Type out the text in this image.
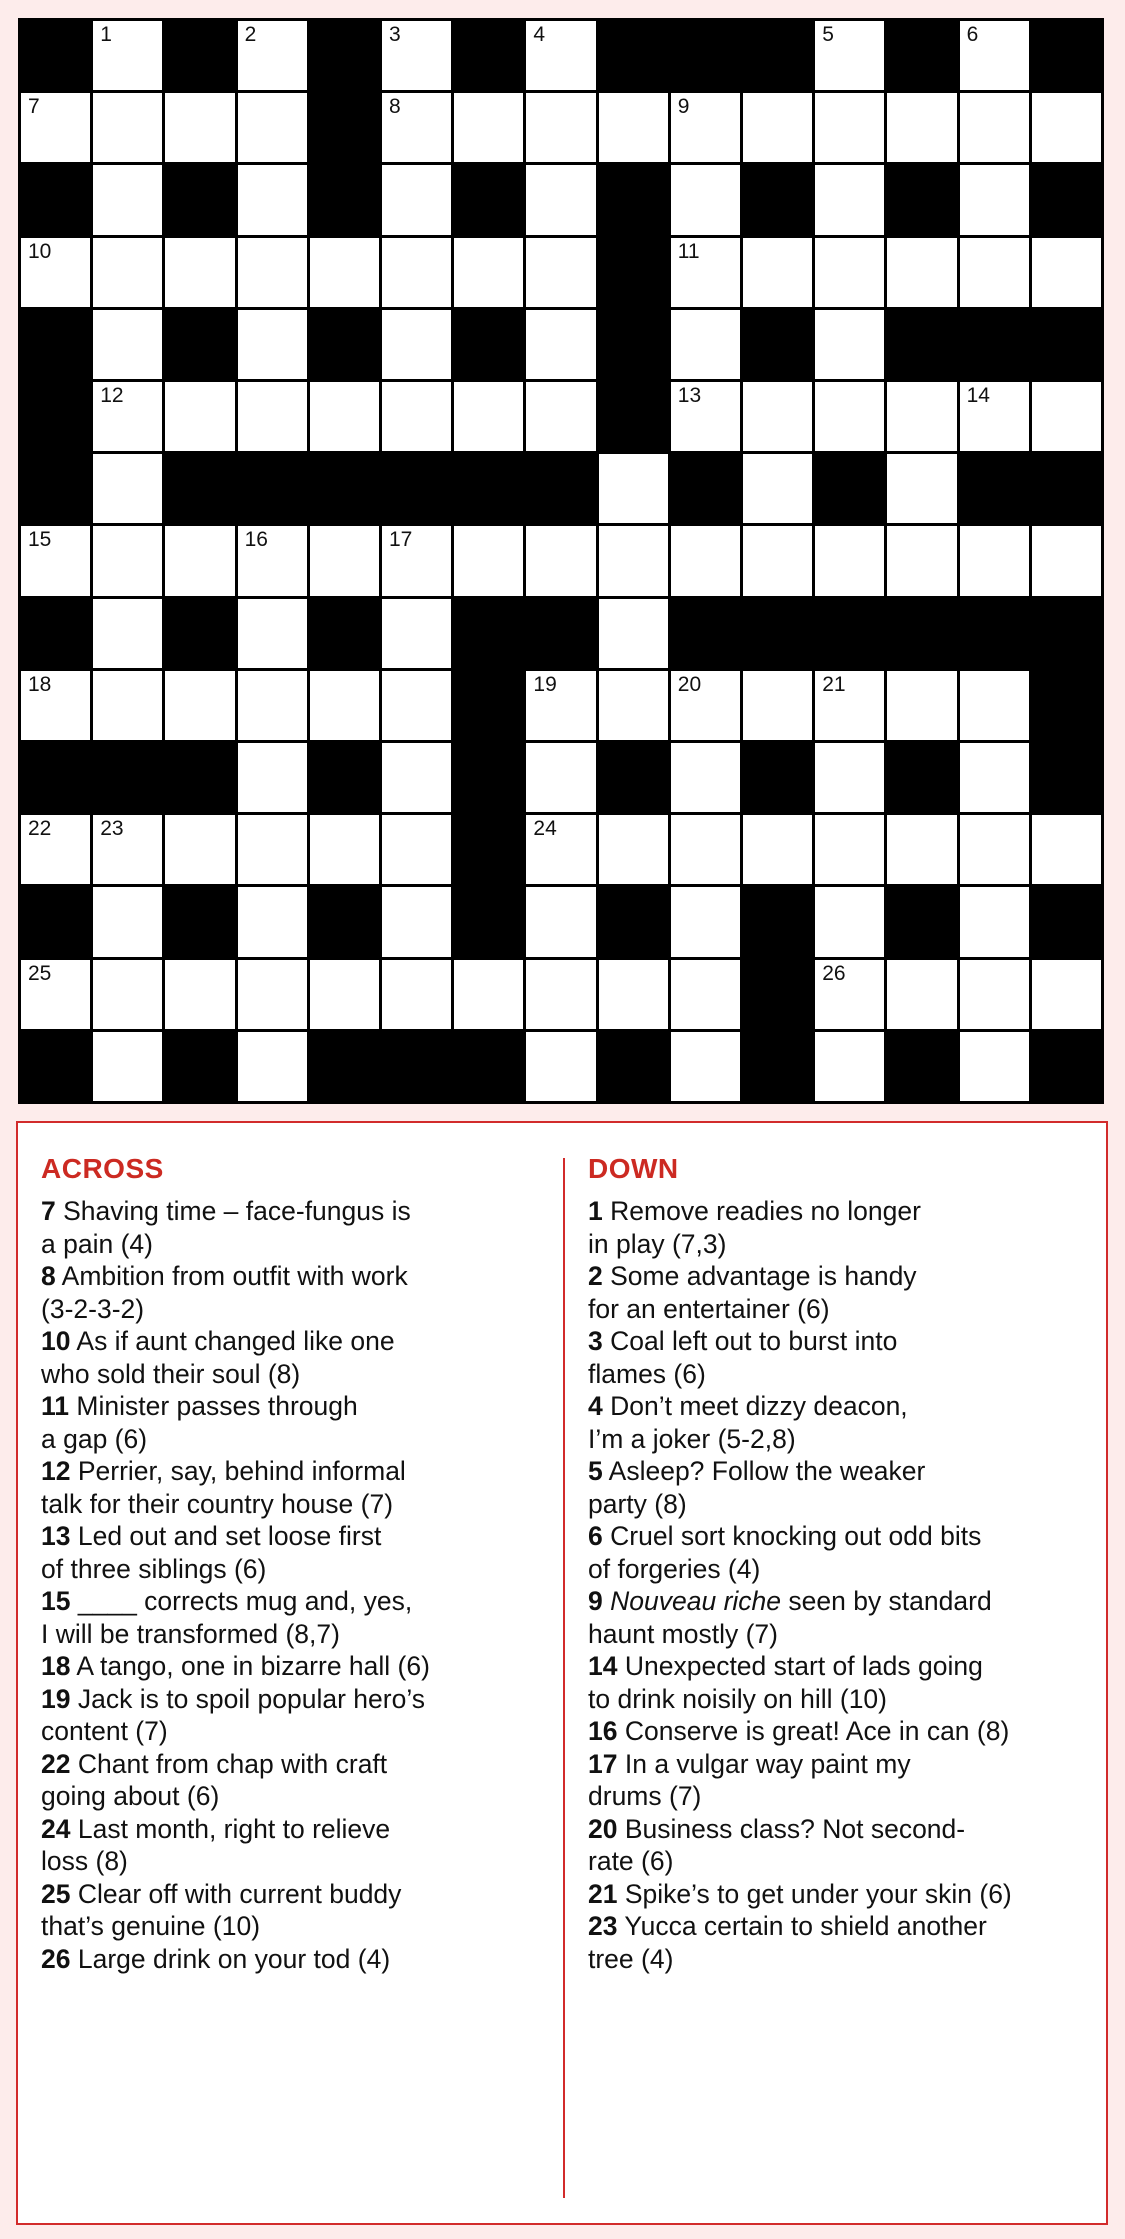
1	2	3	4	5	6
7	8	9
10	11
12	13	14
15	16	17
18	19	20	21
22 23	24
25	26
ACROSS
7 Shaving time – face-fungus is
a pain (4)
8 Ambition from outfit with work
(3-2-3-2)
10 As if aunt changed like one
who sold their soul (8)
11 Minister passes through
a gap (6)
12 Perrier, say, behind informal
talk for their country house (7)
13 Led out and set loose first
of three siblings (6)
15 ____ corrects mug and, yes,
I will be transformed (8,7)
18 A tango, one in bizarre hall (6)
19 Jack is to spoil popular hero’s
content (7)
22 Chant from chap with craft
going about (6)
24 Last month, right to relieve
loss (8)
25 Clear off with current buddy
that’s genuine (10)
26 Large drink on your tod (4)
DOWN
1 Remove readies no longer
in play (7,3)
2 Some advantage is handy
for an entertainer (6)
3 Coal left out to burst into
flames (6)
4 Don’t meet dizzy deacon,
I’m a joker (5-2,8)
5 Asleep? Follow the weaker
party (8)
6 Cruel sort knocking out odd bits
of forgeries (4)
9 Nouveau riche seen by standard
haunt mostly (7)
14 Unexpected start of lads going
to drink noisily on hill (10)
16 Conserve is great! Ace in can (8)
17 In a vulgar way paint my
drums (7)
20 Business class? Not second-
rate (6)
21 Spike’s to get under your skin (6)
23 Yucca certain to shield another
tree (4)
